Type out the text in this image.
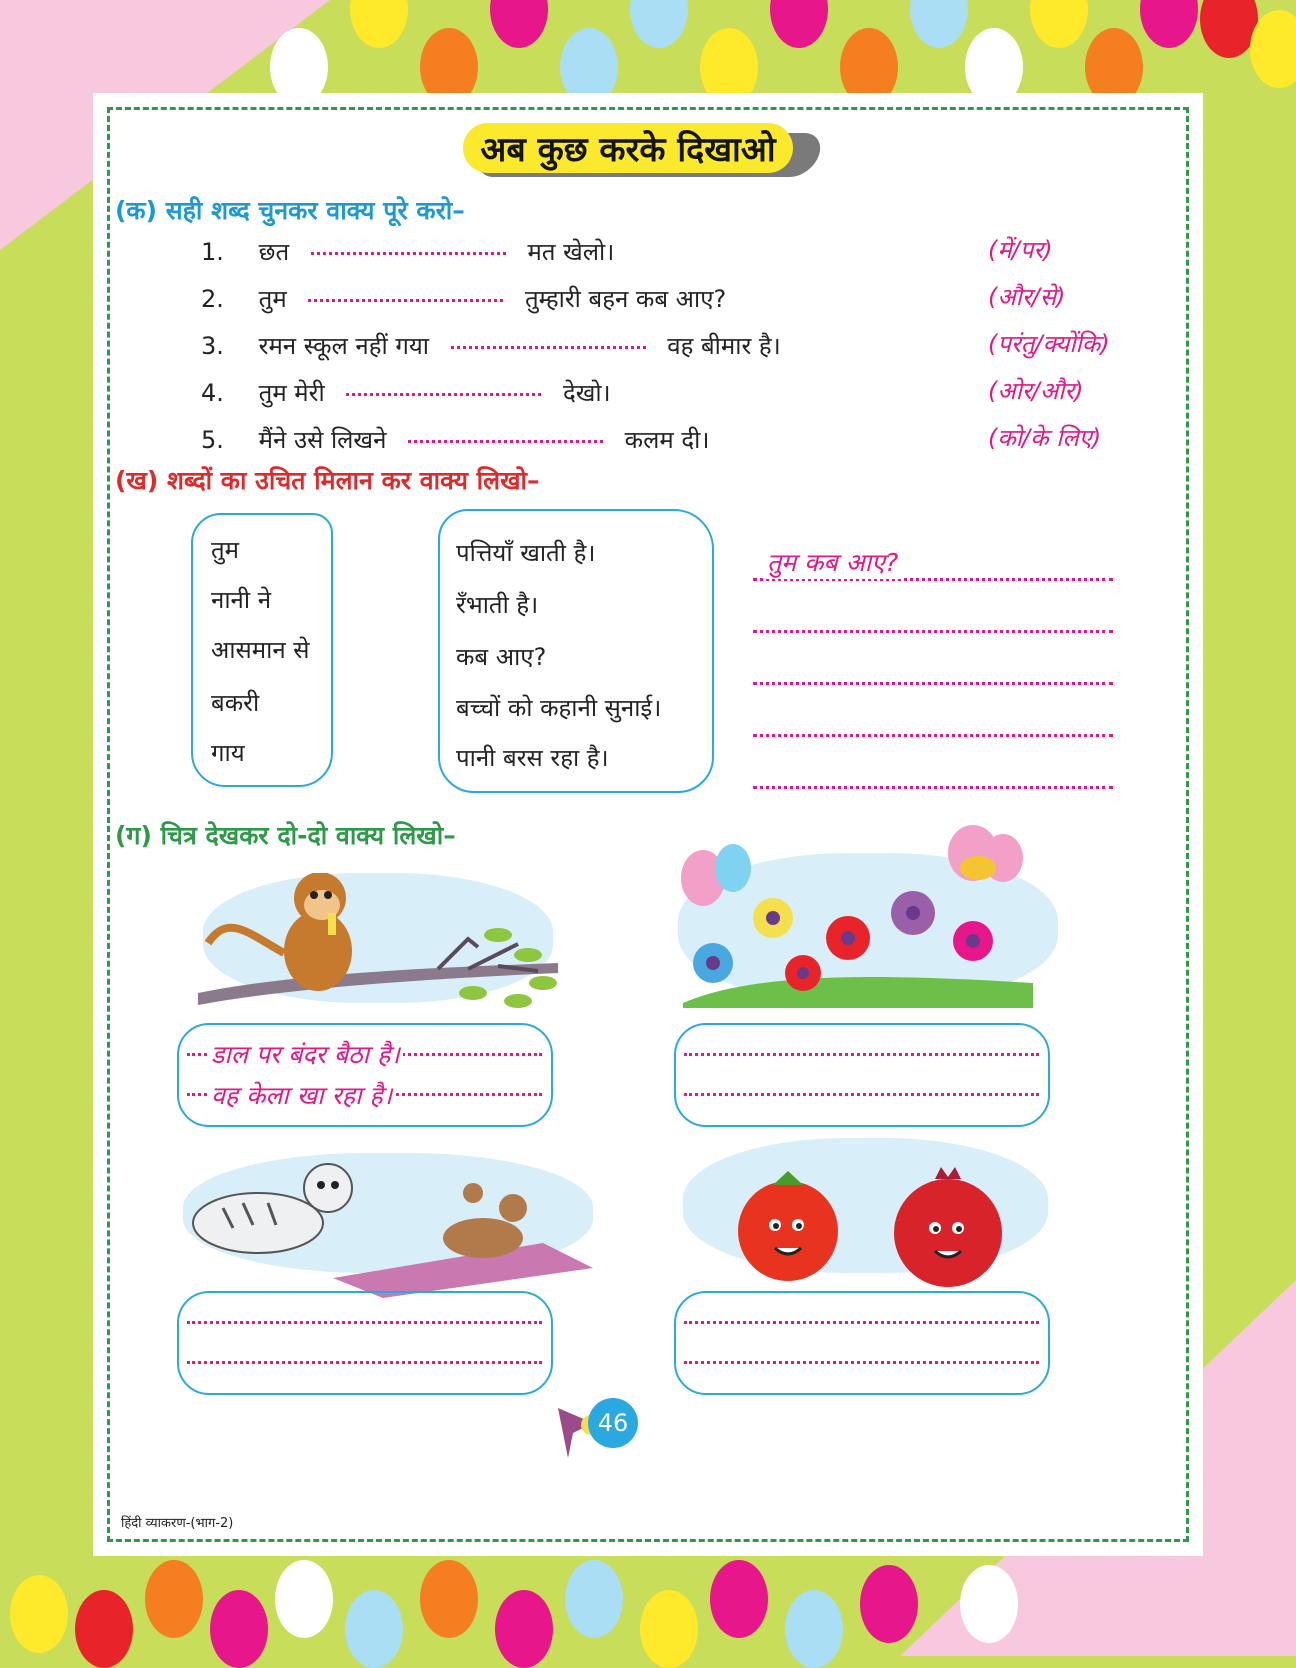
अब कुछ करके दिखाओ
(क) सही शब्द चुनकर वाक्य पूरे करो–
1. छत	मत खेलो।	(में/पर)
2. तुम	तुम्हारी बहन कब आए?	(और/से)
3. रमन स्कूल नहीं गया	वह बीमार है।	(परंतु/क्योंकि)
4. तुम मेरी	देखो।	(ओर/और)
5. मैंने उसे लिखने	कलम दी।	(को/के लिए)
(ख) शब्दों का उचित मिलान कर वाक्य लिखो–
तुम
नानी ने
आसमान से
बकरी
गाय
पत्तियाँ खाती है।
रँभाती है।
कब आए?
बच्चों को कहानी सुनाई।
पानी बरस रहा है।
तुम कब आए?
(ग) चित्र देखकर दो-दो वाक्य लिखो–
डाल पर बंदर बैठा है।
वह केला खा रहा है।
हिंदी व्याकरण-(भाग-2)
46
